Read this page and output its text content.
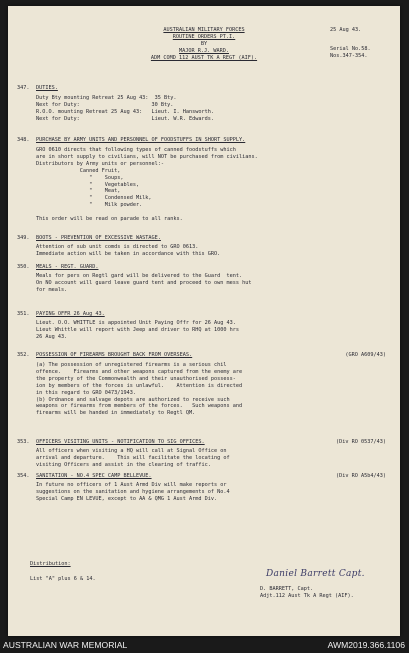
AUSTRALIAN MILITARY FORCES
ROUTINE ORDERS PT.I.
BY
MAJOR R.J. WARD.
ADM COMD 112 AUST TK A REGT (AIF).
25 Aug 43.
Serial No.58.
Nos.347-354.
347. DUTIES.
Duty Bty mounting Retreat 25 Aug 43:  35 Bty.
Next for Duty:                       30 Bty.
R.O.O. mounting Retreat 25 Aug 43:   Lieut. I. Hansworth.
Next for Duty:                       Lieut. W.R. Edwards.
348. PURCHASE BY ARMY UNITS AND PERSONNEL OF FOODSTUFFS IN SHORT SUPPLY.
GRO 0610 directs that following types of canned foodstuffs which
are in short supply to civilians, will NOT be purchased from civilians.
Distributors by Army units or personnel:-
Canned Fruit,
"    Soups,
"    Vegetables,
"    Meat,
"    Condensed Milk,
"    Milk powder.
This order will be read on parade to all ranks.
349. BOOTS - PREVENTION OF EXCESSIVE WASTAGE.
Attention of sub unit comds is directed to GRO 0613.
Immediate action will be taken in accordance with this GRO.
350. MEALS - REGT. GUARD.
Meals for pers on Regtl gard will be delivered to the Guard  tent.
On NO account will guard leave guard tent and proceed to own mess hut
for meals.
351. PAYING OFFR 26 Aug 43.
Lieut. O.O. WHITTLE is appointed Unit Paying Offr for 26 Aug 43.
Lieut Whittle will report with Jeep and driver to RHQ at 1000 hrs
26 Aug 43.
352. POSSESSION OF FIREARMS BROUGHT BACK FROM OVERSEAS.	(GRO A609/43)
(a) The possession of unregistered firearms is a serious chil
offence.    Firearms and other weapons captured from the enemy are
the property of the Commonwealth and their unauthorised possess-
ion by members of the forces is unlawful.    Attention is directed
in this regard to GRO 0473/1943.
(b) Ordnance and salvage depots are authorized to receive such
weapons or firearms from members of the forces.   Such weapons and
firearms will be handed in immediately to Regtl QM.
353. OFFICERS VISITING UNITS - NOTIFICATION TO SIG OFFICES.	(Div RO 0537/43)
All officers when visiting a HQ will call at Signal Office on
arrival and departure.    This will facilitate the locating of
visiting Officers and assist in the clearing of traffic.
354. SANITATION - NO.4 SPEC CAMP BELLEVUE.	(Div RO A5b4/43)
In future no officers of 1 Aust Armd Div will make reports or
suggestions on the sanitation and hygiene arrangements of No.4
Special Camp EN LEVUE, except to AA & QMG 1 Aust Armd Div.
Distribution:
List "A" plus 6 & 14.	Daniel Barrett Capt.
D. BARRETT, Capt.
Adjt.112 Aust Tk A Regt (AIF).
AUSTRALIAN WAR MEMORIAL	AWM2019.366.1106
